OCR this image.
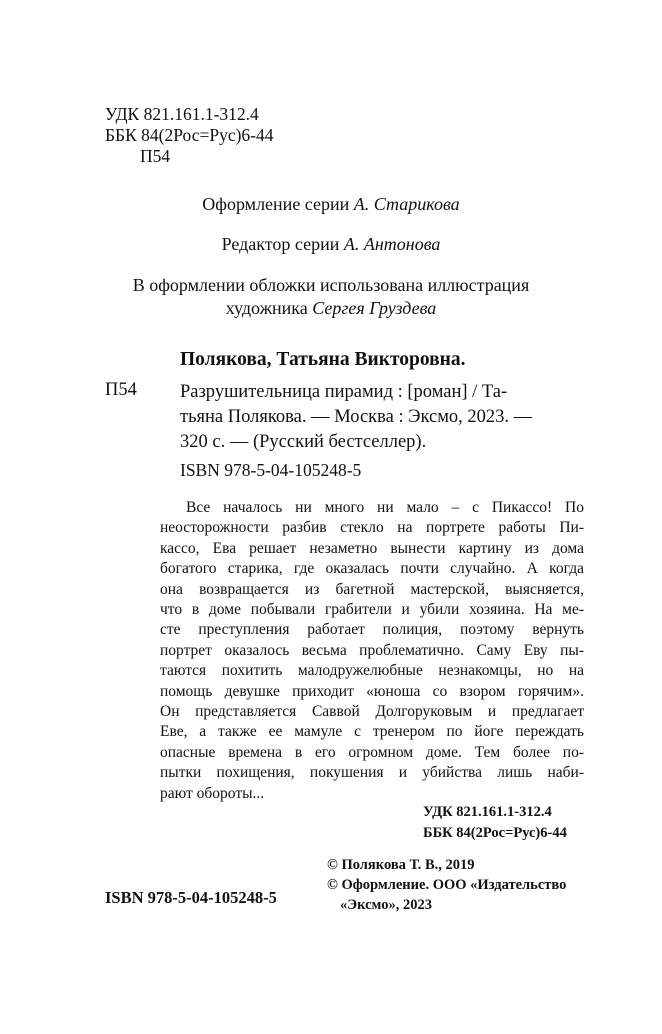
УДК 821.161.1-312.4
ББК 84(2Рос=Рус)6-44
П54
Оформление серии А. Старикова
Редактор серии А. Антонова
В оформлении обложки использована иллюстрация
художника Сергея Груздева
Полякова, Татьяна Викторовна.
П54 Разрушительница пирамид : [роман] / Та-
тьяна Полякова. — Москва : Эксмо, 2023. —
320 с. — (Русский бестселлер).
ISBN 978-5-04-105248-5
Все началось ни много ни мало – с Пикассо! По
неосторожности разбив стекло на портрете работы Пи-
кассо, Ева решает незаметно вынести картину из дома
богатого старика, где оказалась почти случайно. А когда
она возвращается из багетной мастерской, выясняется,
что в доме побывали грабители и убили хозяина. На ме-
сте преступления работает полиция, поэтому вернуть
портрет оказалось весьма проблематично. Саму Еву пы-
таются похитить малодружелюбные незнакомцы, но на
помощь девушке приходит «юноша со взором горячим».
Он представляется Саввой Долгоруковым и предлагает
Еве, а также ее мамуле с тренером по йоге переждать
опасные времена в его огромном доме. Тем более по-
пытки похищения, покушения и убийства лишь наби-
рают обороты...
УДК 821.161.1-312.4
ББК 84(2Рос=Рус)6-44
© Полякова Т. В., 2019
© Оформление. ООО «Издательство
«Эксмо», 2023
ISBN 978-5-04-105248-5
